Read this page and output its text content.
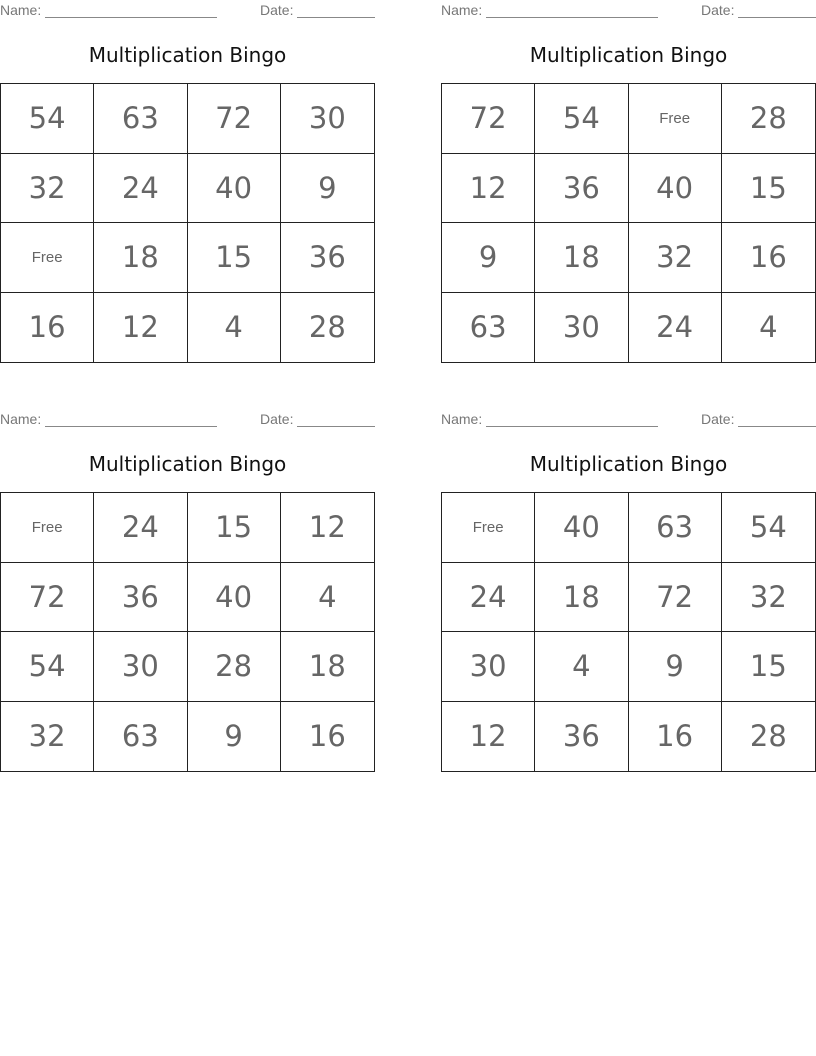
Name:	Date:
Multiplication Bingo
54	63	72	30
32	24	40	9
Free	18	15	36
16	12	4	28
Name:	Date:
Multiplication Bingo
72	54	Free	28
12	36	40	15
9	18	32	16
63	30	24	4
Name:	Date:
Multiplication Bingo
Free	24	15	12
72	36	40	4
54	30	28	18
32	63	9	16
Name:	Date:
Multiplication Bingo
Free	40	63	54
24	18	72	32
30	4	9	15
12	36	16	28
